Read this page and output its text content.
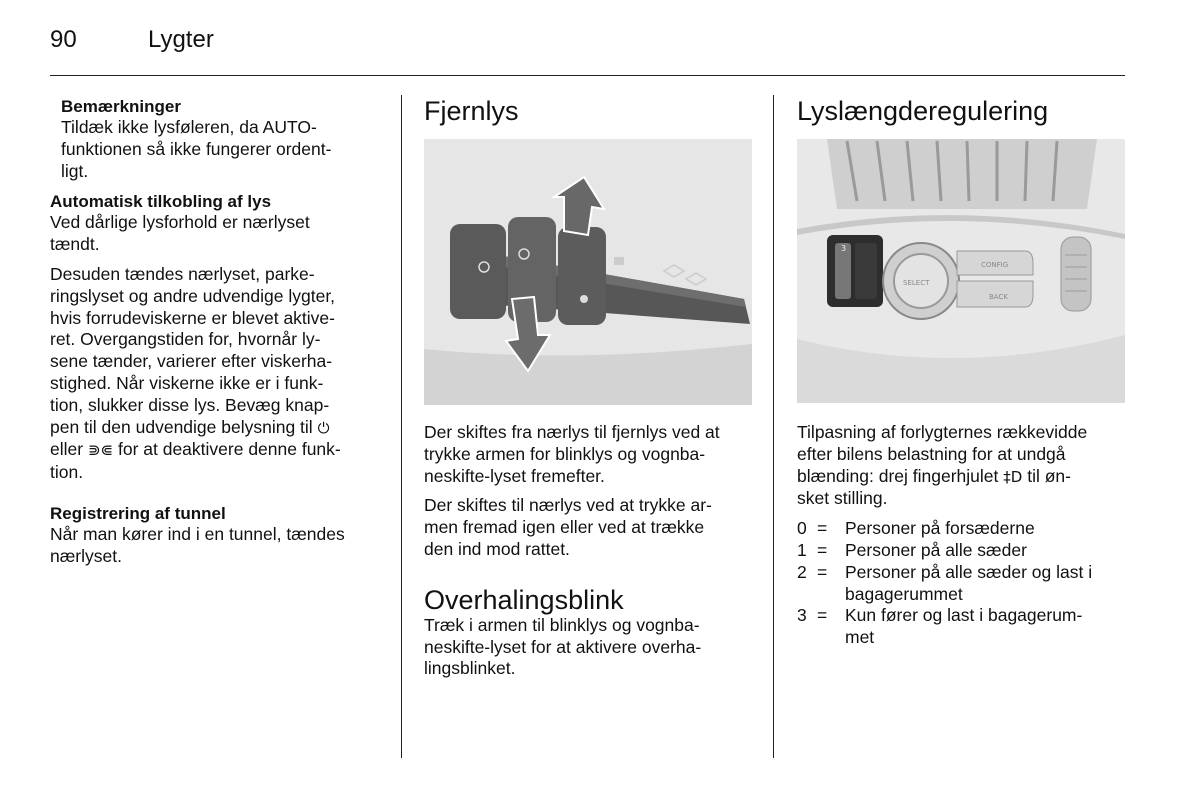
90	Lygter

Bemærkninger

Tildæk ikke lysføleren, da AUTO-

funktionen så ikke fungerer ordent-

ligt.

Automatisk tilkobling af lys

Ved dårlige lysforhold er nærlyset

tændt.

Desuden tændes nærlyset, parke-

ringslyset og andre udvendige lygter,

hvis forrudeviskerne er blevet aktive-

ret. Overgangstiden for, hvornår ly-

sene tænder, varierer efter viskerha-

stighed. Når viskerne ikke er i funk-

tion, slukker disse lys. Bevæg knap-

pen til den udvendige belysning til ⏻

eller ⋑⋐ for at deaktivere denne funk-

tion.

Registrering af tunnel

Når man kører ind i en tunnel, tændes

nærlyset.

Fjernlys

Der skiftes fra nærlys til fjernlys ved at

trykke armen for blinklys og vognba-

neskifte-lyset fremefter.

Der skiftes til nærlys ved at trykke ar-

men fremad igen eller ved at trække

den ind mod rattet.

Overhalingsblink

Træk i armen til blinklys og vognba-

neskifte-lyset for at aktivere overha-

lingsblinket.

Lyslængderegulering

3
SELECT
CONFIG
BACK

Tilpasning af forlygternes rækkevidde

efter bilens belastning for at undgå

blænding: drej fingerhjulet ‡D til øn-

sket stilling.

0 =	Personer på forsæderne
1 =	Personer på alle sæder
2 =	Personer på alle sæder og last i
bagagerummet
3 =	Kun fører og last i bagagerum-
met
